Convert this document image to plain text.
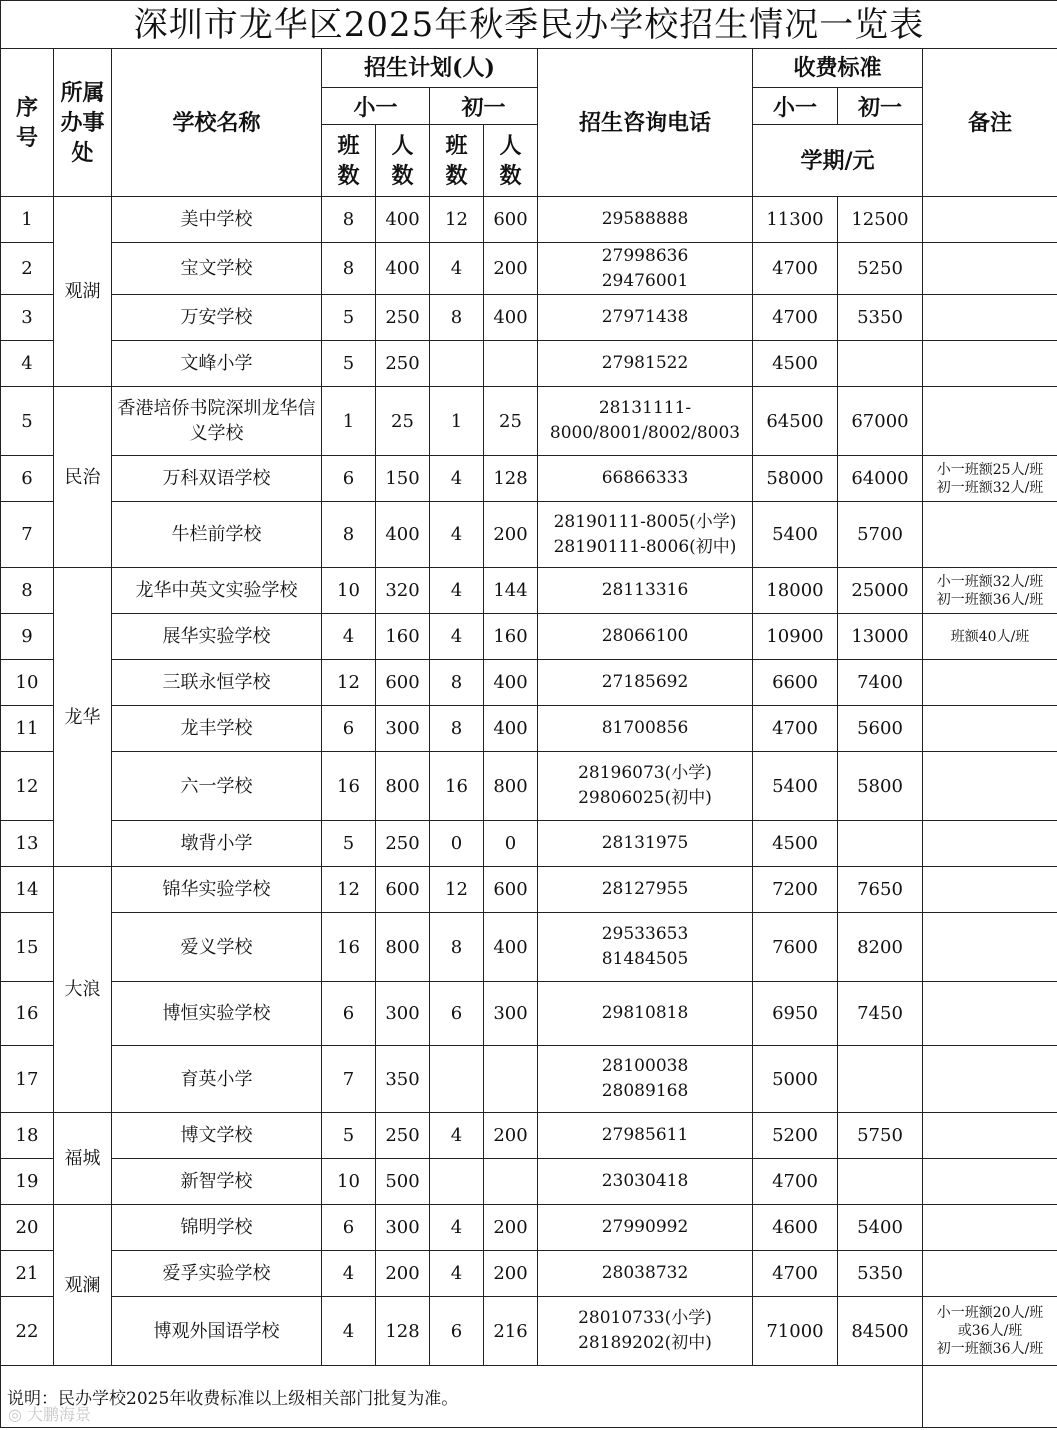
深圳市龙华区2025年秋季民办学校招生情况一览表										
序号	所属办事处	学校名称	招生计划(人)				招生咨询电话	收费标准		备注
			小一		初一			小一	初一	
			班数	人数	班数	人数		学期/元		
1	观湖	美中学校	8	400	12	600	29588888	11300	12500	

2		宝文学校	8	400	4	200	27998636
29476001	4700	5250	

3		万安学校	5	250	8	400	27971438	4700	5350	

4		文峰小学	5	250			27981522	4500		

5	民治	香港培侨书院深圳龙华信义学校	1	25	1	25	28131111-
8000/8001/8002/8003	64500	67000	

6		万科双语学校	6	150	4	128	66866333	58000	64000	小一班额25人/班
初一班额32人/班

7		牛栏前学校	8	400	4	200	28190111-8005(小学)
28190111-8006(初中)	5400	5700	

8	龙华	龙华中英文实验学校	10	320	4	144	28113316	18000	25000	小一班额32人/班
初一班额36人/班

9		展华实验学校	4	160	4	160	28066100	10900	13000	班额40人/班

10		三联永恒学校	12	600	8	400	27185692	6600	7400	

11		龙丰学校	6	300	8	400	81700856	4700	5600	

12		六一学校	16	800	16	800	28196073(小学)
29806025(初中)	5400	5800	

13		墩背小学	5	250	0	0	28131975	4500		

14	大浪	锦华实验学校	12	600	12	600	28127955	7200	7650	

15		爱义学校	16	800	8	400	29533653
81484505	7600	8200	

16		博恒实验学校	6	300	6	300	29810818	6950	7450	

17		育英小学	7	350			28100038
28089168	5000		

18	福城	博文学校	5	250	4	200	27985611	5200	5750	

19		新智学校	10	500			23030418	4700		

20	观澜	锦明学校	6	300	4	200	27990992	4600	5400	

21		爱孚实验学校	4	200	4	200	28038732	4700	5350	

22		博观外国语学校	4	128	6	216	28010733(小学)
28189202(初中)	71000	84500	小一班额20人/班
或36人/班
初一班额36人/班

说明：民办学校2025年收费标准以上级相关部门批复为准。										
◎ 大鹏海景
